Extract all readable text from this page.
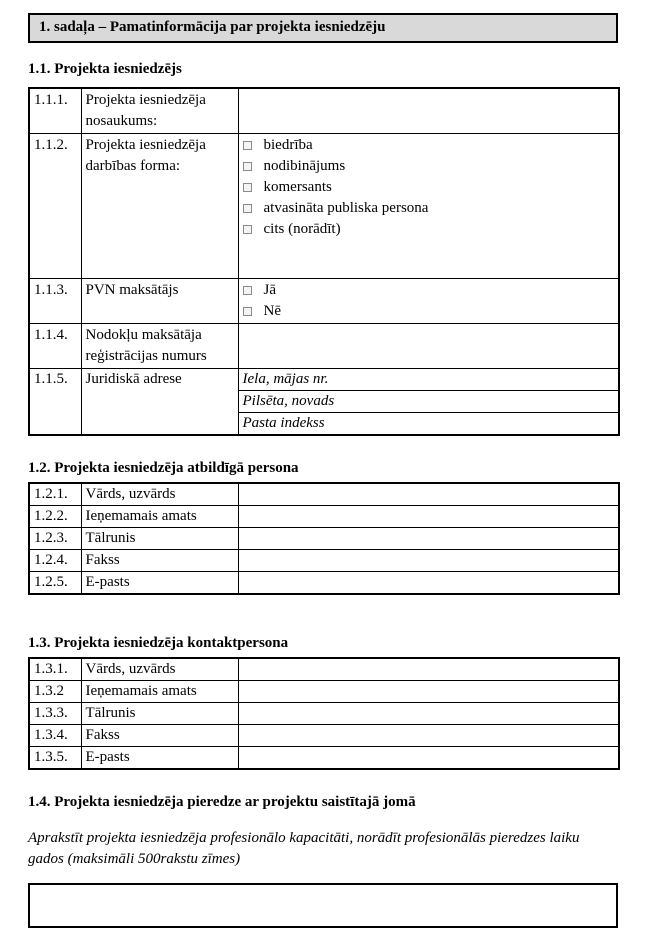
1. sadaļa – Pamatinformācija par projekta iesniedzēju
1.1. Projekta iesniedzējs
1.1.1.	Projekta iesniedzēja nosaukums:	
1.1.2.	Projekta iesniedzēja darbības forma:	biedrība
nodibinājums
komersants
atvasināta publiska persona
cits (norādīt)

1.1.3.	PVN maksātājs	Jā
Nē

1.1.4.	Nodokļu maksātāja reģistrācijas numurs	
1.1.5.	Juridiskā adrese	Iela, mājas nr.
		Pilsēta, novads
		Pasta indekss
1.2. Projekta iesniedzēja atbildīgā persona
1.2.1.	Vārds, uzvārds	
1.2.2.	Ieņemamais amats	
1.2.3.	Tālrunis	
1.2.4.	Fakss	
1.2.5.	E-pasts	
1.3. Projekta iesniedzēja kontaktpersona
1.3.1.	Vārds, uzvārds	
1.3.2	Ieņemamais amats	
1.3.3.	Tālrunis	
1.3.4.	Fakss	
1.3.5.	E-pasts	
1.4. Projekta iesniedzēja pieredze ar projektu saistītajā jomā
Aprakstīt projekta iesniedzēja profesionālo kapacitāti, norādīt profesionālās pieredzes laiku gados (maksimāli 500rakstu zīmes)
